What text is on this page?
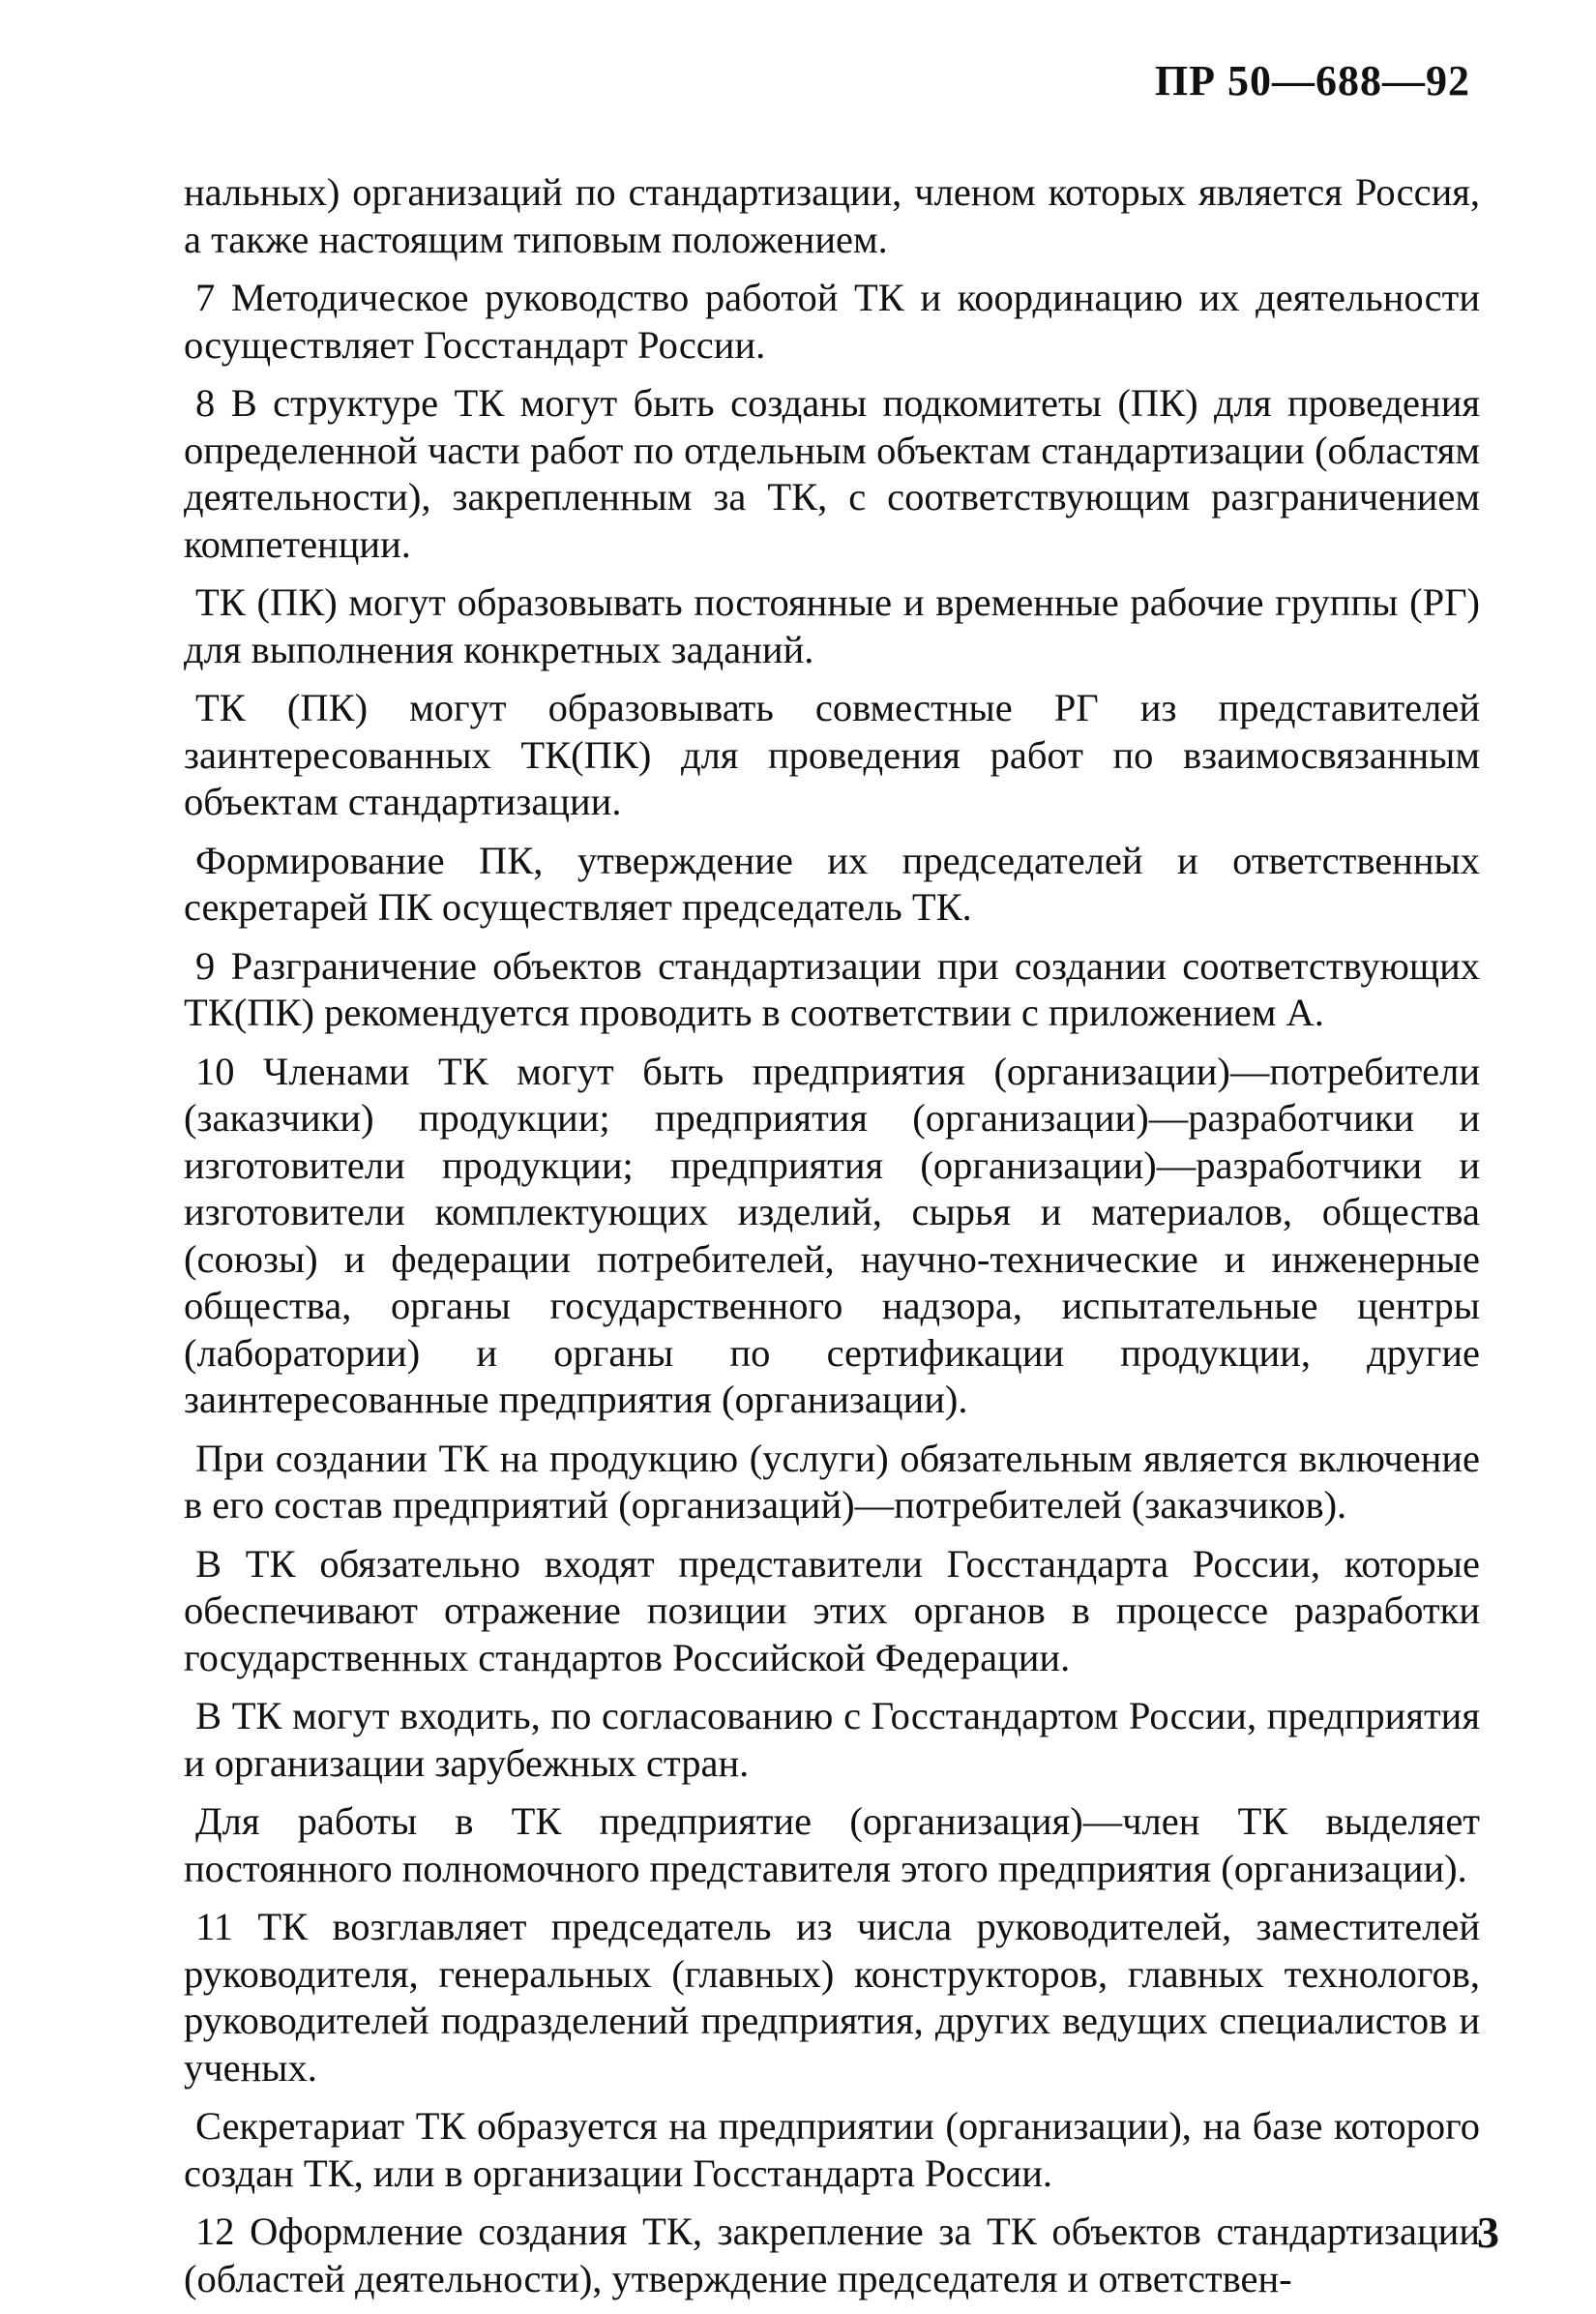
ПР 50—688—92

нальных) организаций по стандартизации, членом которых является Россия, а также настоящим типовым положением.

7 Методическое руководство работой ТК и координацию их деятельности осуществляет Госстандарт России.

8 В структуре ТК могут быть созданы подкомитеты (ПК) для проведения определенной части работ по отдельным объектам стандартизации (областям деятельности), закрепленным за ТК, с соответствующим разграничением компетенции.

ТК (ПК) могут образовывать постоянные и временные рабочие группы (РГ) для выполнения конкретных заданий.

ТК (ПК) могут образовывать совместные РГ из представителей заинтересованных ТК(ПК) для проведения работ по взаимосвязанным объектам стандартизации.

Формирование ПК, утверждение их председателей и ответственных секретарей ПК осуществляет председатель ТК.

9 Разграничение объектов стандартизации при создании соответствующих ТК(ПК) рекомендуется проводить в соответствии с приложением А.

10 Членами ТК могут быть предприятия (организации)—потребители (заказчики) продукции; предприятия (организации)—разработчики и изготовители продукции; предприятия (организации)—разработчики и изготовители комплектующих изделий, сырья и материалов, общества (союзы) и федерации потребителей, научно-технические и инженерные общества, органы государственного надзора, испытательные центры (лаборатории) и органы по сертификации продукции, другие заинтересованные предприятия (организации).

При создании ТК на продукцию (услуги) обязательным является включение в его состав предприятий (организаций)—потребителей (заказчиков).

В ТК обязательно входят представители Госстандарта России, которые обеспечивают отражение позиции этих органов в процессе разработки государственных стандартов Российской Федерации.

В ТК могут входить, по согласованию с Госстандартом России, предприятия и организации зарубежных стран.

Для работы в ТК предприятие (организация)—член ТК выделяет постоянного полномочного представителя этого предприятия (организации).

11 ТК возглавляет председатель из числа руководителей, заместителей руководителя, генеральных (главных) конструкторов, главных технологов, руководителей подразделений предприятия, других ведущих специалистов и ученых.

Секретариат ТК образуется на предприятии (организации), на базе которого создан ТК, или в организации Госстандарта России.

12 Оформление создания ТК, закрепление за ТК объектов стандартизации (областей деятельности), утверждение председателя и ответствен-

3
